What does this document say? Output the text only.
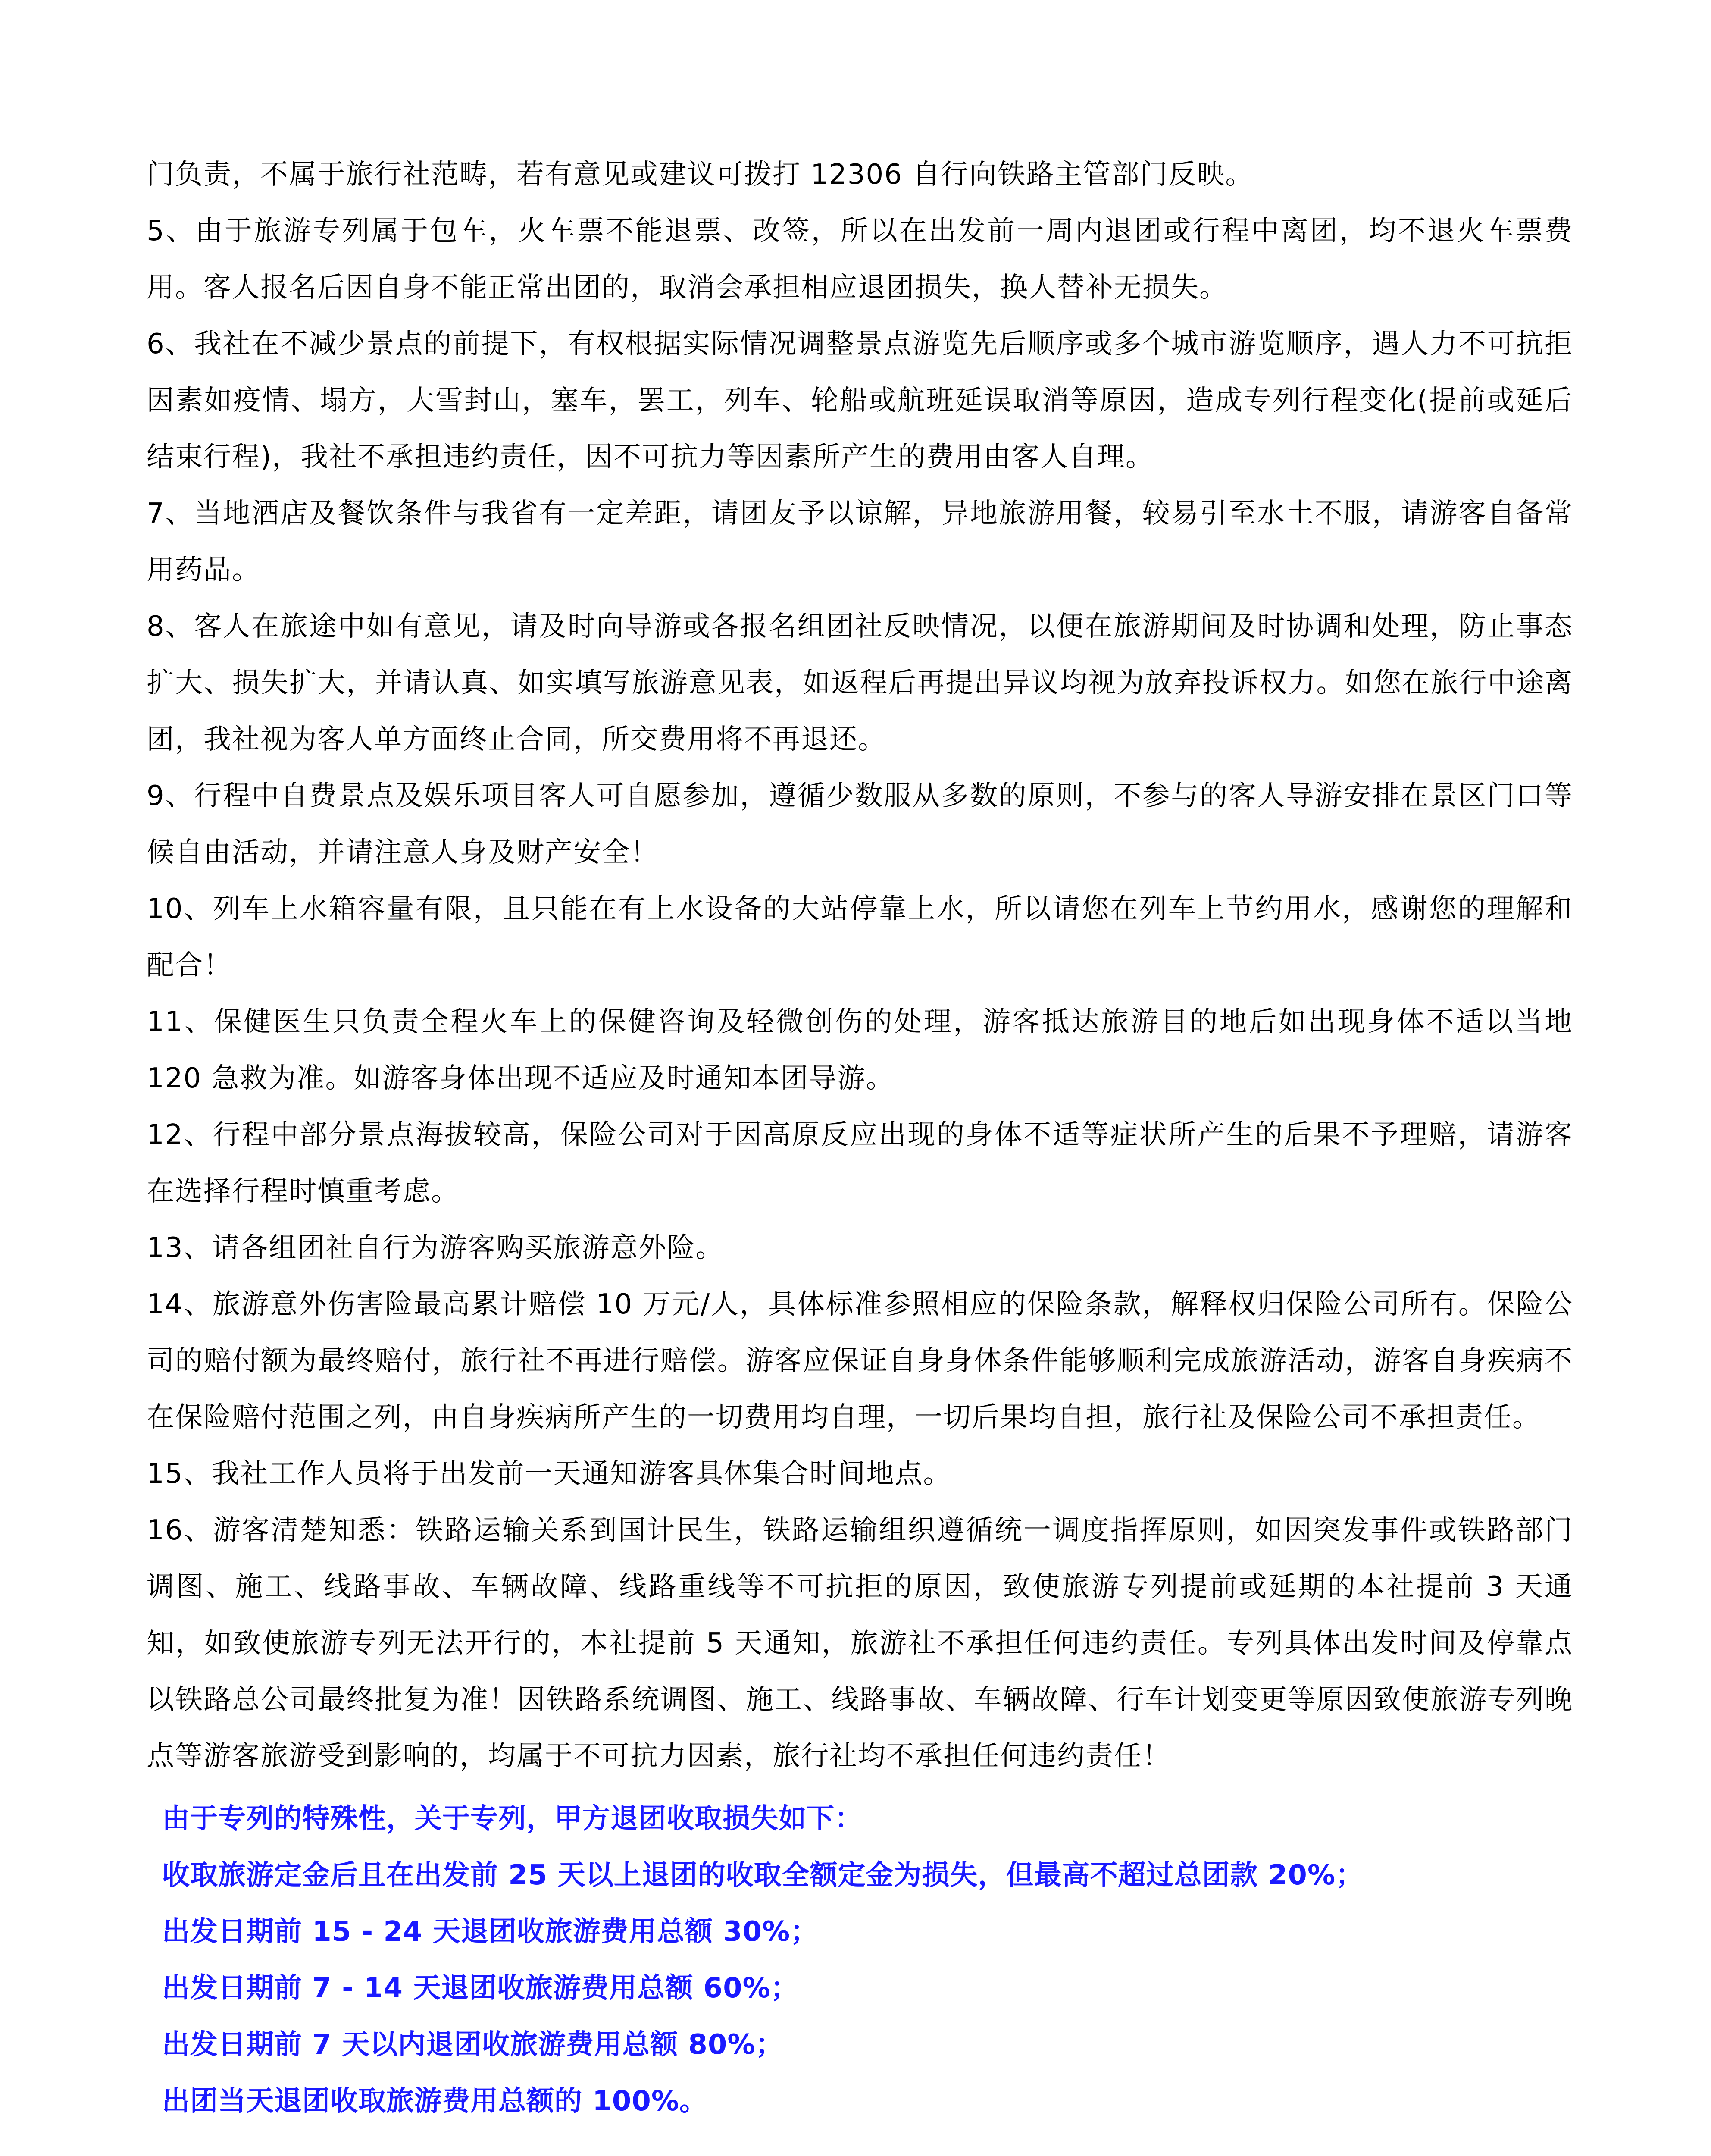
门负责，不属于旅行社范畴，若有意见或建议可拨打 12306 自行向铁路主管部门反映。

5、由于旅游专列属于包车，火车票不能退票、改签，所以在出发前一周内退团或行程中离团，均不退火车票费用。客人报名后因自身不能正常出团的，取消会承担相应退团损失，换人替补无损失。

6、我社在不减少景点的前提下，有权根据实际情况调整景点游览先后顺序或多个城市游览顺序，遇人力不可抗拒因素如疫情、塌方，大雪封山，塞车，罢工，列车、轮船或航班延误取消等原因，造成专列行程变化(提前或延后结束行程)，我社不承担违约责任，因不可抗力等因素所产生的费用由客人自理。

7、当地酒店及餐饮条件与我省有一定差距，请团友予以谅解，异地旅游用餐，较易引至水土不服，请游客自备常用药品。

8、客人在旅途中如有意见，请及时向导游或各报名组团社反映情况，以便在旅游期间及时协调和处理，防止事态扩大、损失扩大，并请认真、如实填写旅游意见表，如返程后再提出异议均视为放弃投诉权力。如您在旅行中途离团，我社视为客人单方面终止合同，所交费用将不再退还。

9、行程中自费景点及娱乐项目客人可自愿参加，遵循少数服从多数的原则，不参与的客人导游安排在景区门口等候自由活动，并请注意人身及财产安全！

10、列车上水箱容量有限，且只能在有上水设备的大站停靠上水，所以请您在列车上节约用水，感谢您的理解和配合！

11、保健医生只负责全程火车上的保健咨询及轻微创伤的处理，游客抵达旅游目的地后如出现身体不适以当地 120 急救为准。如游客身体出现不适应及时通知本团导游。

12、行程中部分景点海拔较高，保险公司对于因高原反应出现的身体不适等症状所产生的后果不予理赔，请游客在选择行程时慎重考虑。

13、请各组团社自行为游客购买旅游意外险。

14、旅游意外伤害险最高累计赔偿 10 万元/人，具体标准参照相应的保险条款，解释权归保险公司所有。保险公司的赔付额为最终赔付，旅行社不再进行赔偿。游客应保证自身身体条件能够顺利完成旅游活动，游客自身疾病不在保险赔付范围之列，由自身疾病所产生的一切费用均自理，一切后果均自担，旅行社及保险公司不承担责任。

15、我社工作人员将于出发前一天通知游客具体集合时间地点。

16、游客清楚知悉：铁路运输关系到国计民生，铁路运输组织遵循统一调度指挥原则，如因突发事件或铁路部门调图、施工、线路事故、车辆故障、线路重线等不可抗拒的原因，致使旅游专列提前或延期的本社提前 3 天通知，如致使旅游专列无法开行的，本社提前 5 天通知，旅游社不承担任何违约责任。专列具体出发时间及停靠点以铁路总公司最终批复为准！因铁路系统调图、施工、线路事故、车辆故障、行车计划变更等原因致使旅游专列晚点等游客旅游受到影响的，均属于不可抗力因素，旅行社均不承担任何违约责任！

由于专列的特殊性，关于专列，甲方退团收取损失如下：

收取旅游定金后且在出发前 25 天以上退团的收取全额定金为损失，但最高不超过总团款 20%；

出发日期前 15 - 24 天退团收旅游费用总额 30%；

出发日期前 7 - 14 天退团收旅游费用总额 60%；

出发日期前 7 天以内退团收旅游费用总额 80%；

出团当天退团收取旅游费用总额的 100%。
